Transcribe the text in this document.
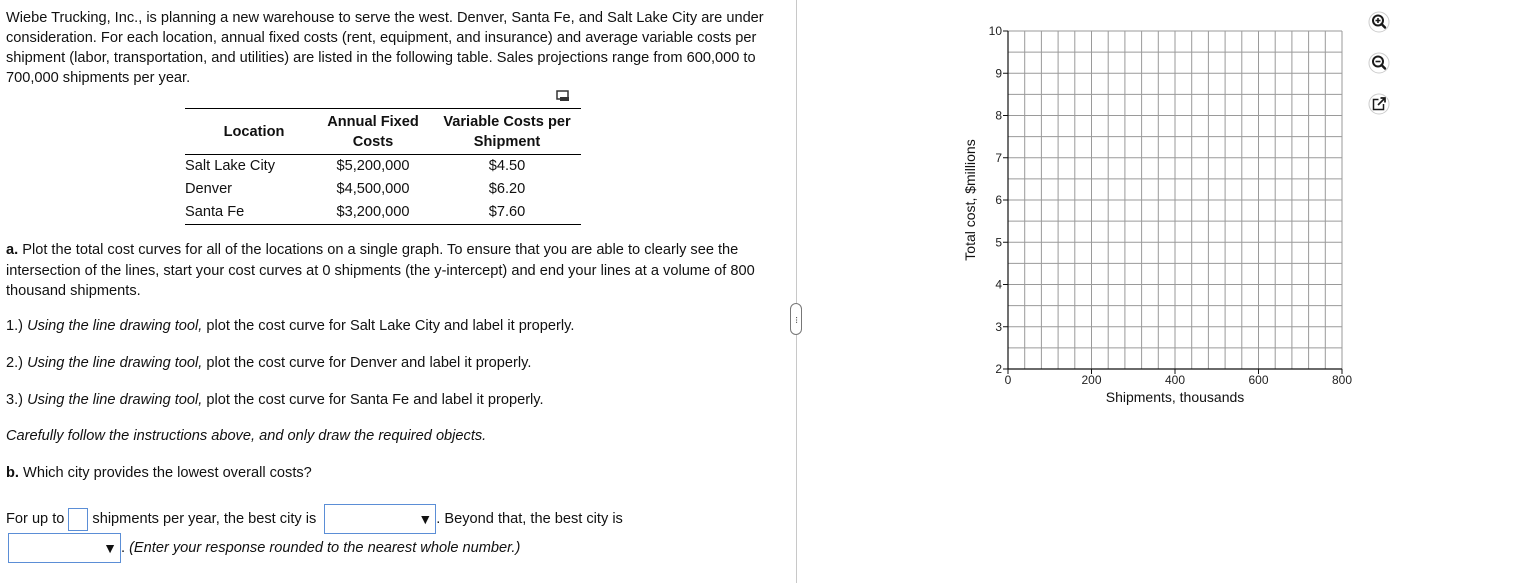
Wiebe Trucking, Inc., is planning a new warehouse to serve the west. Denver, Santa Fe, and Salt Lake City are under consideration. For each location, annual fixed costs (rent, equipment, and insurance) and average variable costs per shipment (labor, transportation, and utilities) are listed in the following table. Sales projections range from 600,000 to 700,000 shipments per year.

Location	Annual Fixed Costs	Variable Costs per Shipment
Salt Lake City	$5,200,000	$4.50
Denver	$4,500,000	$6.20
Santa Fe	$3,200,000	$7.60

a. Plot the total cost curves for all of the locations on a single graph. To ensure that you are able to clearly see the intersection of the lines, start your cost curves at 0 shipments (the y-intercept) and end your lines at a volume of 800 thousand shipments.

1.) Using the line drawing tool, plot the cost curve for Salt Lake City and label it properly.
2.) Using the line drawing tool, plot the cost curve for Denver and label it properly.
3.) Using the line drawing tool, plot the cost curve for Santa Fe and label it properly.
Carefully follow the instructions above, and only draw the required objects.
b. Which city provides the lowest overall costs?
For up to shipments per year, the best city is	▼ . Beyond that, the best city is
▼ . (Enter your response rounded to the nearest whole number.)
···
2
3
4
5
6
7
8
9
10
0	200	400	600	800
Shipments, thousands
Total cost, $millions
